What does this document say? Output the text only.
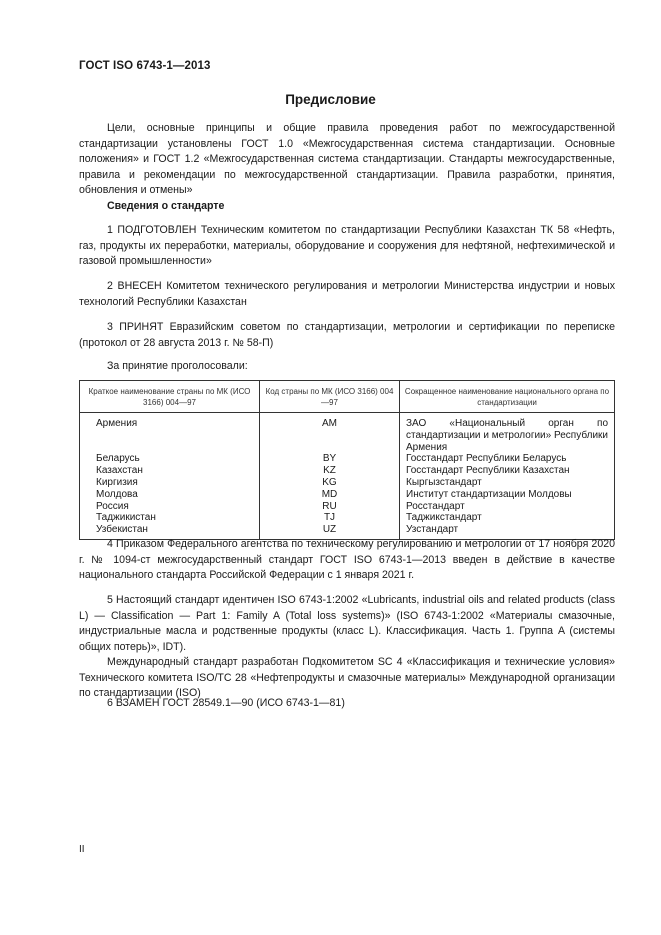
ГОСТ ISO 6743-1—2013
Предисловие

Цели, основные принципы и общие правила проведения работ по межгосударственной стандартизации установлены ГОСТ 1.0 «Межгосударственная система стандартизации. Основные положения» и ГОСТ 1.2 «Межгосударственная система стандартизации. Стандарты межгосударственные, правила и рекомендации по межгосударственной стандартизации. Правила разработки, принятия, обновления и отмены»

Сведения о стандарте

1 ПОДГОТОВЛЕН Техническим комитетом по стандартизации Республики Казахстан ТК 58 «Нефть, газ, продукты их переработки, материалы, оборудование и сооружения для нефтяной, нефтехимической и газовой промышленности»

2 ВНЕСЕН Комитетом технического регулирования и метрологии Министерства индустрии и новых технологий Республики Казахстан

3 ПРИНЯТ Евразийским советом по стандартизации, метрологии и сертификации по переписке (протокол от 28 августа 2013 г. № 58-П)

За принятие проголосовали:
Краткое наименование страны по МК (ИСО 3166) 004—97	Код страны по МК (ИСО 3166) 004—97	Сокращенное наименование национального органа по стандартизации
Армения	AM	ЗАО «Национальный орган по стандартизации и метрологии» Республики Армения
Беларусь	BY	Госстандарт Республики Беларусь
Казахстан	KZ	Госстандарт Республики Казахстан
Киргизия	KG	Кыргызстандарт
Молдова	MD	Институт стандартизации Молдовы
Россия	RU	Росстандарт
Таджикистан	TJ	Таджикстандарт
Узбекистан	UZ	Узстандарт

4 Приказом Федерального агентства по техническому регулированию и метрологии от 17 ноября 2020 г. № 1094-ст межгосударственный стандарт ГОСТ ISO 6743-1—2013 введен в действие в качестве национального стандарта Российской Федерации с 1 января 2021 г.

5 Настоящий стандарт идентичен ISO 6743-1:2002 «Lubricants, industrial oils and related products (class L) — Classification — Part 1: Family A (Total loss systems)» (ISO 6743-1:2002 «Материалы смазочные, индустриальные масла и родственные продукты (класс L). Классификация. Часть 1. Группа A (системы общих потерь)», IDT).

Международный стандарт разработан Подкомитетом SC 4 «Классификация и технические условия» Технического комитета ISO/TC 28 «Нефтепродукты и смазочные материалы» Международной организации по стандартизации (ISO)

6 ВЗАМЕН ГОСТ 28549.1—90 (ИСО 6743-1—81)

II
